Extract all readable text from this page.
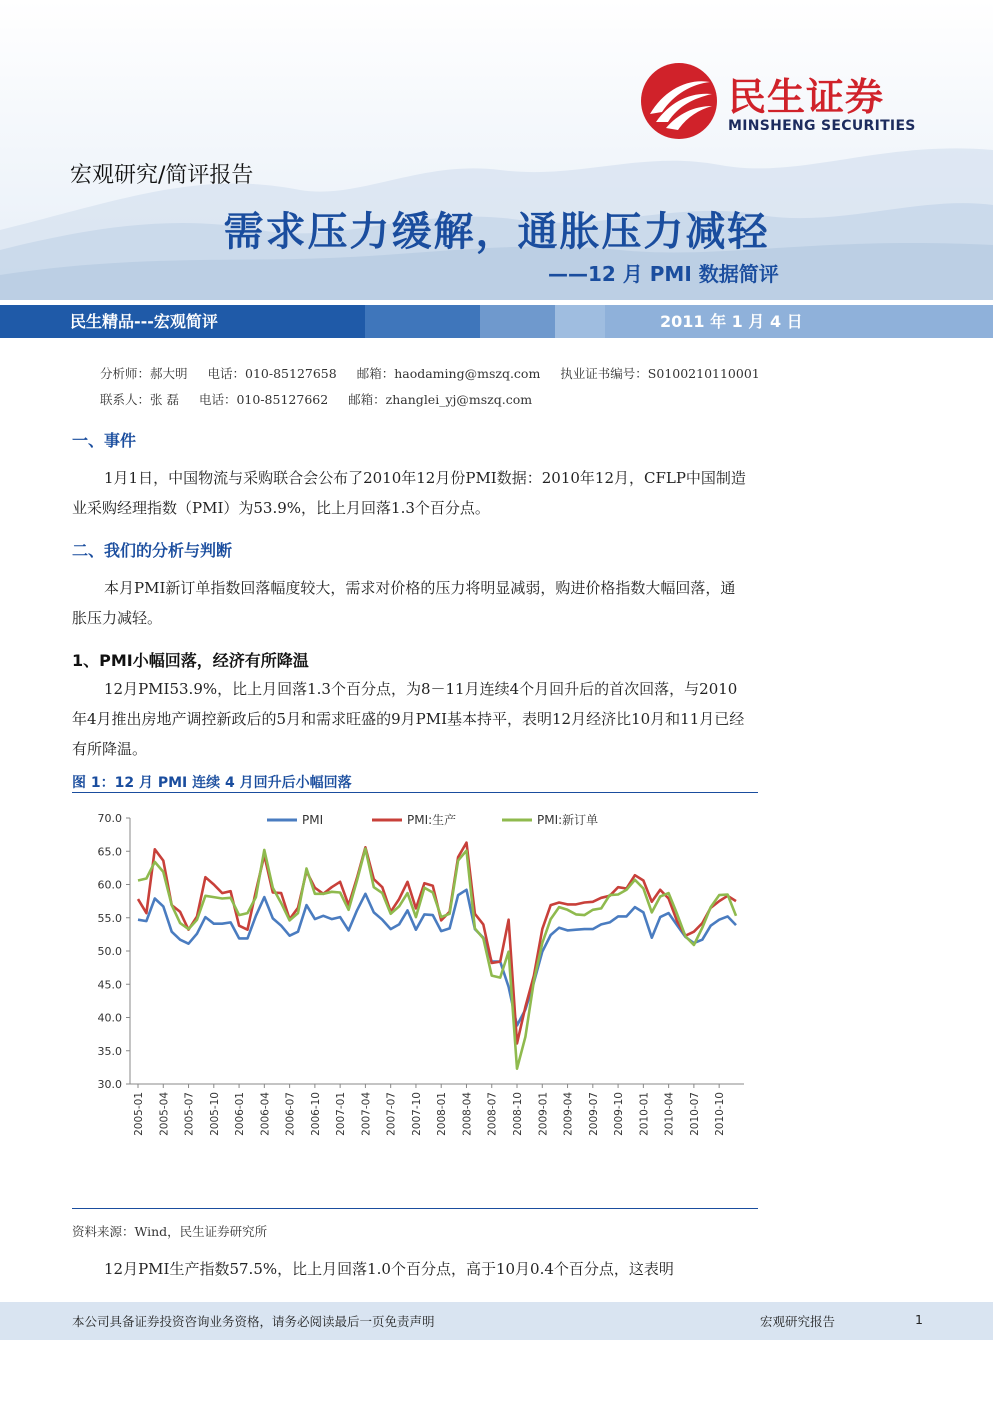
民生证券
MINSHENG SECURITIES
宏观研究/简评报告
需求压力缓解，通胀压力减轻
——12 月 PMI 数据简评
民生精品---宏观简评	2011 年 1 月 4 日
分析师：郝大明 电话：010-85127658 邮箱：haodaming@mszq.com 执业证书编号：S0100210110001
联系人：张 磊 电话：010-85127662 邮箱：zhanglei_yj@mszq.com
一、事件
1月1日，中国物流与采购联合会公布了2010年12月份PMI数据：2010年12月，CFLP中国制造业采购经理指数（PMI）为53.9%，比上月回落1.3个百分点。
二、我们的分析与判断
本月PMI新订单指数回落幅度较大，需求对价格的压力将明显减弱，购进价格指数大幅回落，通胀压力减轻。
1、PMI小幅回落，经济有所降温
12月PMI53.9%，比上月回落1.3个百分点，为8－11月连续4个月回升后的首次回落，与2010年4月推出房地产调控新政后的5月和需求旺盛的9月PMI基本持平，表明12月经济比10月和11月已经有所降温。
图 1：12 月 PMI 连续 4 月回升后小幅回落
PMI	PMI:生产	PMI:新订单
70.0
65.0
60.0
55.0
50.0
45.0
40.0
35.0
30.0
2005-01 2005-04 2005-07 2005-10 2006-01 2006-04 2006-07 2006-10 2007-01 2007-04 2007-07 2007-10 2008-01 2008-04 2008-07 2008-10 2009-01 2009-04 2009-07 2009-10 2010-01 2010-04 2010-07 2010-10
资料来源：Wind，民生证券研究所
12月PMI生产指数57.5%，比上月回落1.0个百分点，高于10月0.4个百分点，这表明
本公司具备证券投资咨询业务资格，请务必阅读最后一页免责声明	宏观研究报告	1
